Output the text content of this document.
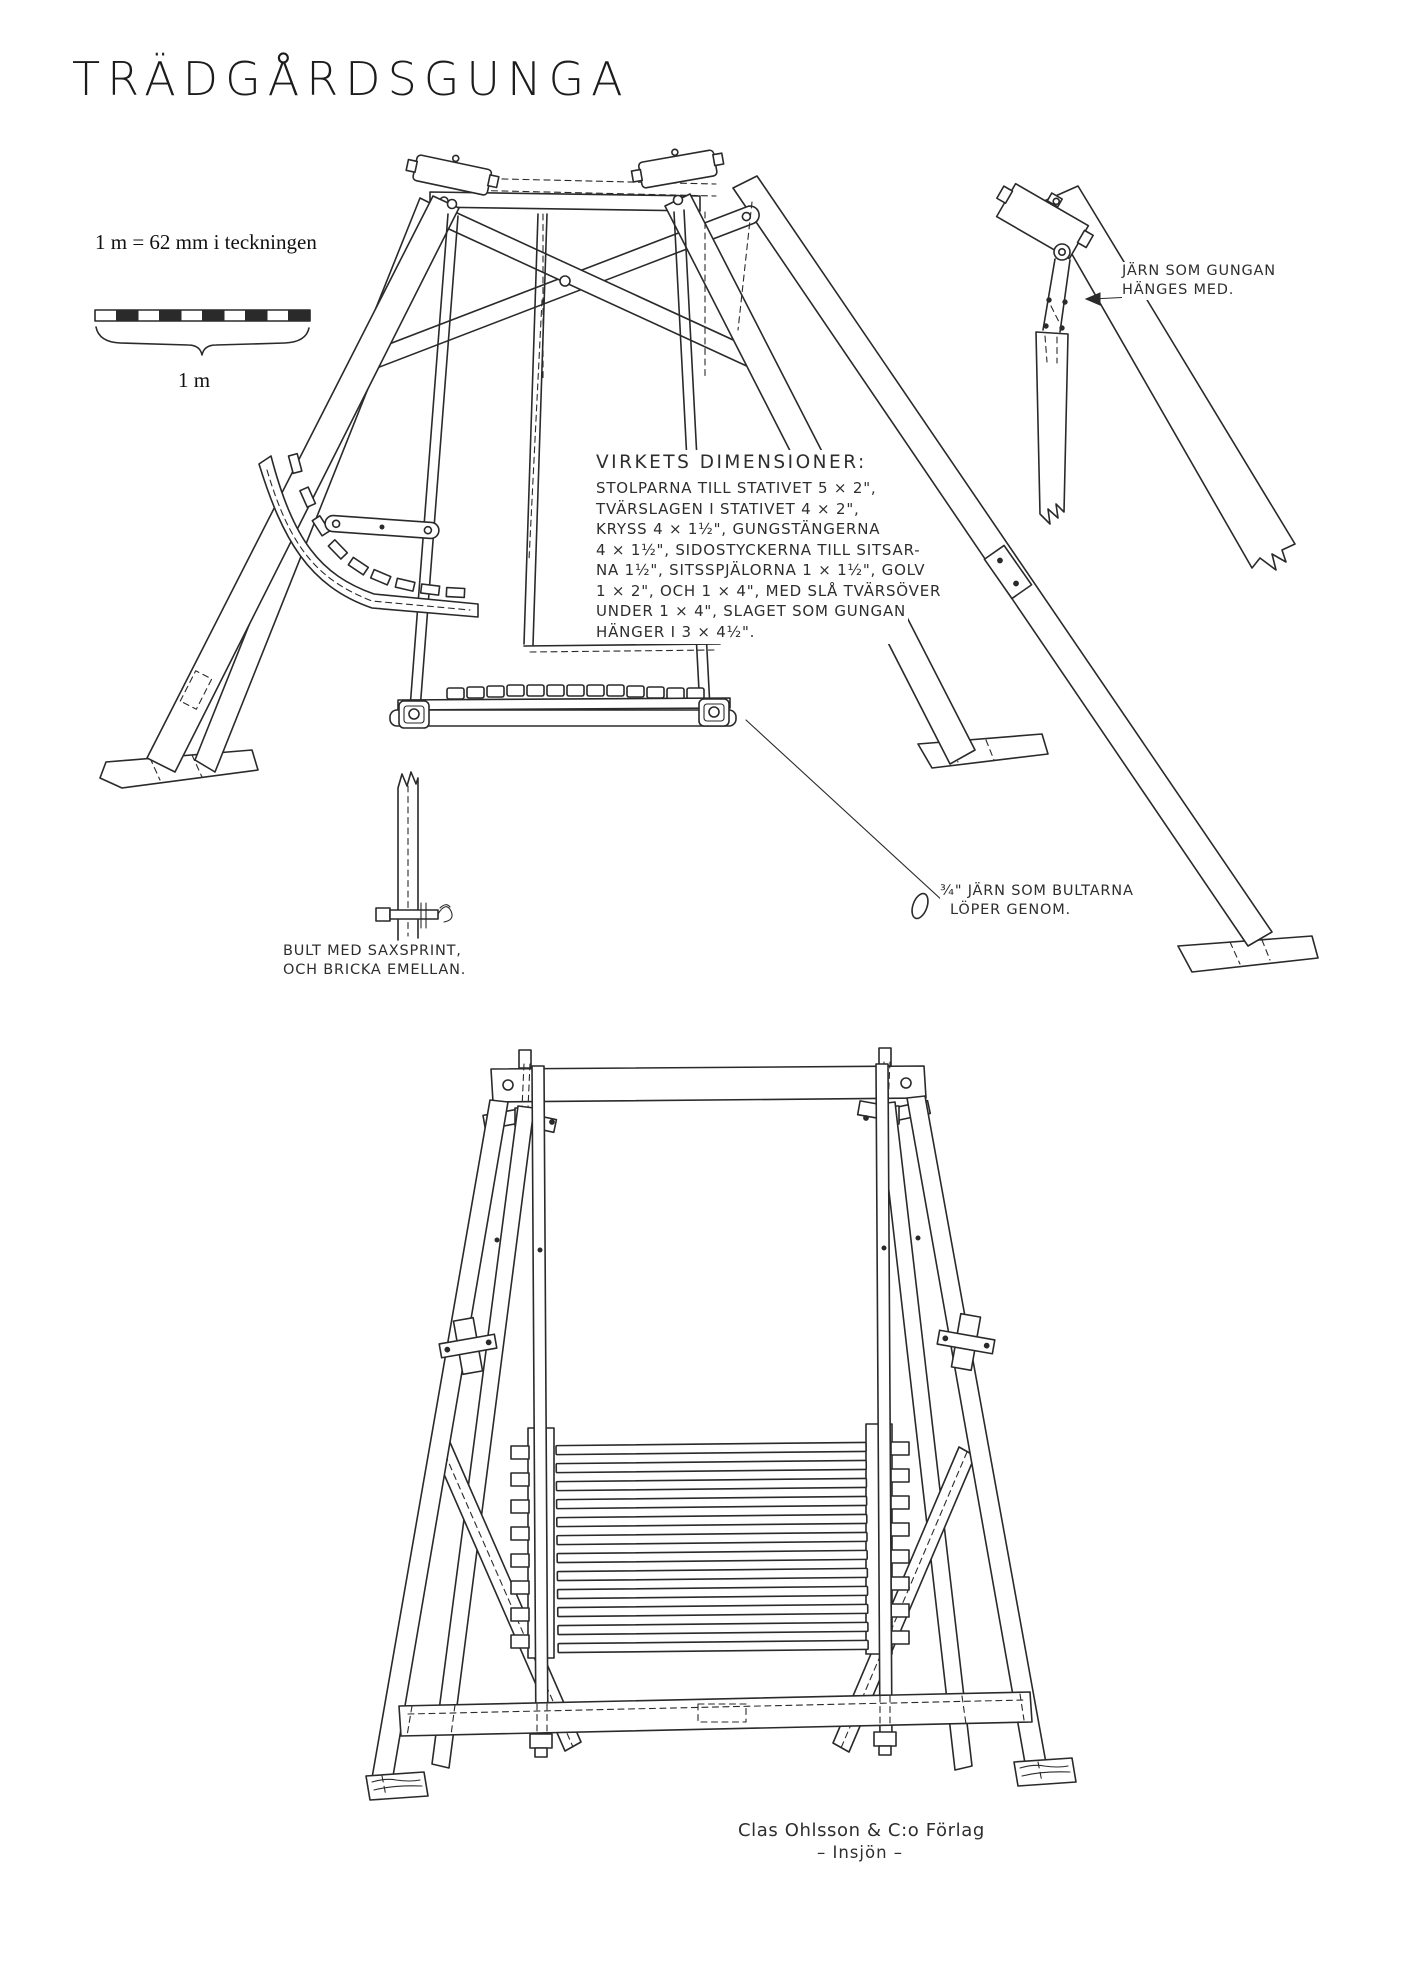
TRÄDGÅRDSGUNGA
1 m = 62 mm i teckningen
1 m
VIRKETS DIMENSIONER:
STOLPARNA TILL STATIVET 5 × 2",
TVÄRSLAGEN I STATIVET 4 × 2",
KRYSS 4 × 1½", GUNGSTÄNGERNA
4 × 1½", SIDOSTYCKERNA TILL SITSAR-
NA 1½", SITSSPJÄLORNA 1 × 1½", GOLV
1 × 2", OCH 1 × 4", MED SLÅ TVÄRSÖVER
UNDER 1 × 4", SLAGET SOM GUNGAN
HÄNGER I 3 × 4½".
JÄRN SOM GUNGAN
HÄNGES MED.
BULT MED SAXSPRINT,
OCH BRICKA EMELLAN.
¾" JÄRN SOM BULTARNA
LÖPER GENOM.
Clas Ohlsson & C:o Förlag
– Insjön –
